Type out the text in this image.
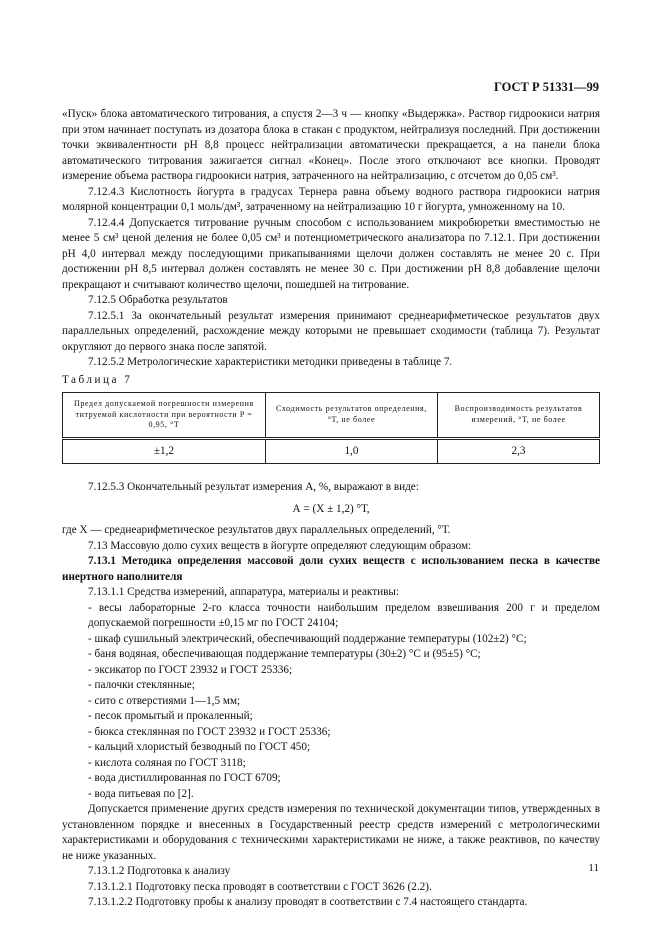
ГОСТ Р 51331—99

«Пуск» блока автоматического титрования, а спустя 2—3 ч — кнопку «Выдержка». Раствор гидроокиси натрия при этом начинает поступать из дозатора блока в стакан с продуктом, нейтрализуя последний. При достижении точки эквивалентности рН 8,8 процесс нейтрализации автоматически прекращается, а на панели блока автоматического титрования зажигается сигнал «Конец». После этого отключают все кнопки. Проводят измерение объема раствора гидроокиси натрия, затраченного на нейтрализацию, с отсчетом до 0,05 см³.

7.12.4.3 Кислотность йогурта в градусах Тернера равна объему водного раствора гидроокиси натрия молярной концентрации 0,1 моль/дм³, затраченному на нейтрализацию 10 г йогурта, умноженному на 10.

7.12.4.4 Допускается титрование ручным способом с использованием микробюретки вместимостью не менее 5 см³ ценой деления не более 0,05 см³ и потенциометрического анализатора по 7.12.1. При достижении рН 4,0 интервал между последующими прикапываниями щелочи должен составлять не менее 20 с. При достижении рН 8,5 интервал должен составлять не менее 30 с. При достижении рН 8,8 добавление щелочи прекращают и считывают количество щелочи, пошедшей на титрование.

7.12.5 Обработка результатов

7.12.5.1 За окончательный результат измерения принимают среднеарифметическое результатов двух параллельных определений, расхождение между которыми не превышает сходимости (таблица 7). Результат округляют до первого знака после запятой.

7.12.5.2 Метрологические характеристики методики приведены в таблице 7.

Таблица 7

Предел допускаемой погрешности измерения титруемой кислотности при вероятности P = 0,95, °Т	Сходимость результатов определения, °Т, не более	Воспроизводимость результатов измерений, °Т, не более
±1,2	1,0	2,3

7.12.5.3 Окончательный результат измерения А, %, выражают в виде:

А = (X ± 1,2) °Т,

где X — среднеарифметическое результатов двух параллельных определений, °Т.

7.13 Массовую долю сухих веществ в йогурте определяют следующим образом:

7.13.1 Методика определения массовой доли сухих веществ с использованием песка в качестве инертного наполнителя

7.13.1.1 Средства измерений, аппаратура, материалы и реактивы:

- весы лабораторные 2-го класса точности наибольшим пределом взвешивания 200 г и пределом допускаемой погрешности ±0,15 мг по ГОСТ 24104;
- шкаф сушильный электрический, обеспечивающий поддержание температуры (102±2) °С;
- баня водяная, обеспечивающая поддержание температуры (30±2) °С и (95±5) °С;
- эксикатор по ГОСТ 23932 и ГОСТ 25336;
- палочки стеклянные;
- сито с отверстиями 1—1,5 мм;
- песок промытый и прокаленный;
- бюкса стеклянная по ГОСТ 23932 и ГОСТ 25336;
- кальций хлористый безводный по ГОСТ 450;
- кислота соляная по ГОСТ 3118;
- вода дистиллированная по ГОСТ 6709;
- вода питьевая по [2].

Допускается применение других средств измерения по технической документации типов, утвержденных в установленном порядке и внесенных в Государственный реестр средств измерений с метрологическими характеристиками и оборудования с техническими характеристиками не ниже, а также реактивов, по качеству не ниже указанных.

7.13.1.2 Подготовка к анализу

7.13.1.2.1 Подготовку песка проводят в соответствии с ГОСТ 3626 (2.2).

7.13.1.2.2 Подготовку пробы к анализу проводят в соответствии с 7.4 настоящего стандарта.

11
